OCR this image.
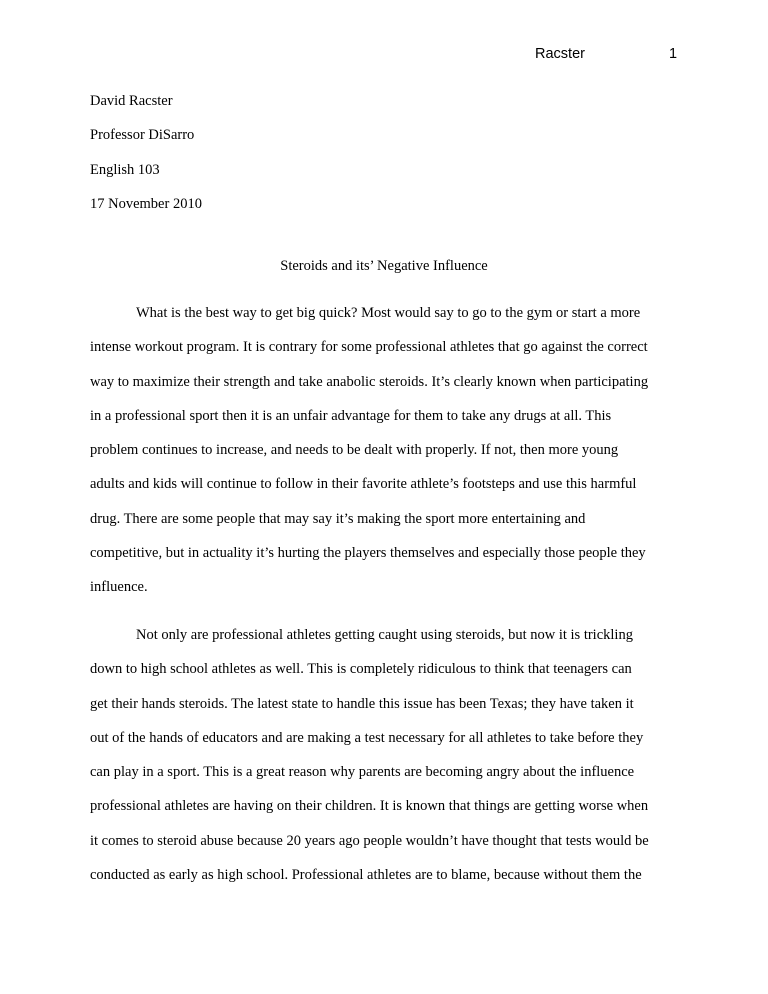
Racster	1
David Racster
Professor DiSarro
English 103
17 November 2010
Steroids and its’ Negative Influence
What is the best way to get big quick? Most would say to go to the gym or start a more
intense workout program. It is contrary for some professional athletes that go against the correct
way to maximize their strength and take anabolic steroids. It’s clearly known when participating
in a professional sport then it is an unfair advantage for them to take any drugs at all. This
problem continues to increase, and needs to be dealt with properly. If not, then more young
adults and kids will continue to follow in their favorite athlete’s footsteps and use this harmful
drug. There are some people that may say it’s making the sport more entertaining and
competitive, but in actuality it’s hurting the players themselves and especially those people they
influence.
Not only are professional athletes getting caught using steroids, but now it is trickling
down to high school athletes as well. This is completely ridiculous to think that teenagers can
get their hands steroids. The latest state to handle this issue has been Texas; they have taken it
out of the hands of educators and are making a test necessary for all athletes to take before they
can play in a sport. This is a great reason why parents are becoming angry about the influence
professional athletes are having on their children. It is known that things are getting worse when
it comes to steroid abuse because 20 years ago people wouldn’t have thought that tests would be
conducted as early as high school. Professional athletes are to blame, because without them the
